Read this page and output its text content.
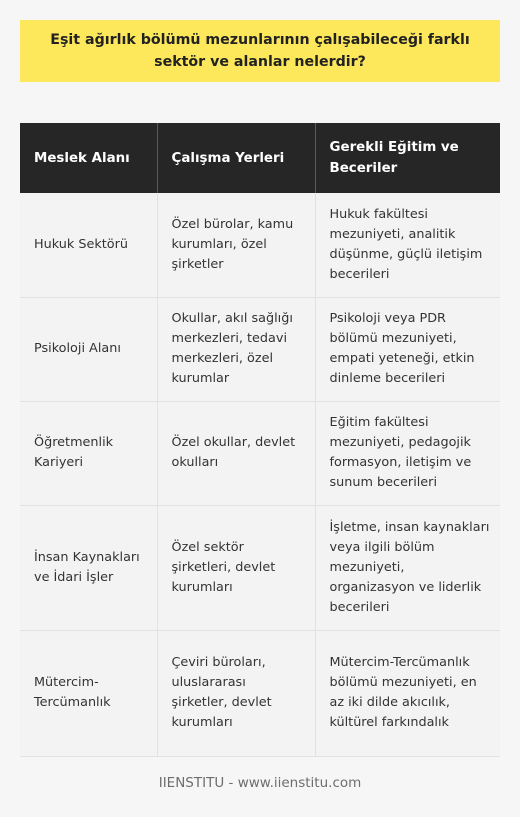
Eşit ağırlık bölümü mezunlarının çalışabileceği farklı sektör ve alanlar nelerdir?
Meslek Alanı	Çalışma Yerleri	Gerekli Eğitim ve Beceriler
Hukuk Sektörü	Özel bürolar, kamu kurumları, özel şirketler	Hukuk fakültesi mezuniyeti, analitik düşünme, güçlü iletişim becerileri
Psikoloji Alanı	Okullar, akıl sağlığı merkezleri, tedavi merkezleri, özel kurumlar	Psikoloji veya PDR bölümü mezuniyeti, empati yeteneği, etkin dinleme becerileri
Öğretmenlik Kariyeri	Özel okullar, devlet okulları	Eğitim fakültesi mezuniyeti, pedagojik formasyon, iletişim ve sunum becerileri
İnsan Kaynakları ve İdari İşler	Özel sektör şirketleri, devlet kurumları	İşletme, insan kaynakları veya ilgili bölüm mezuniyeti, organizasyon ve liderlik becerileri
Mütercim-Tercümanlık	Çeviri büroları, uluslararası şirketler, devlet kurumları	Mütercim-Tercümanlık bölümü mezuniyeti, en az iki dilde akıcılık, kültürel farkındalık
IIENSTITU - www.iienstitu.com
